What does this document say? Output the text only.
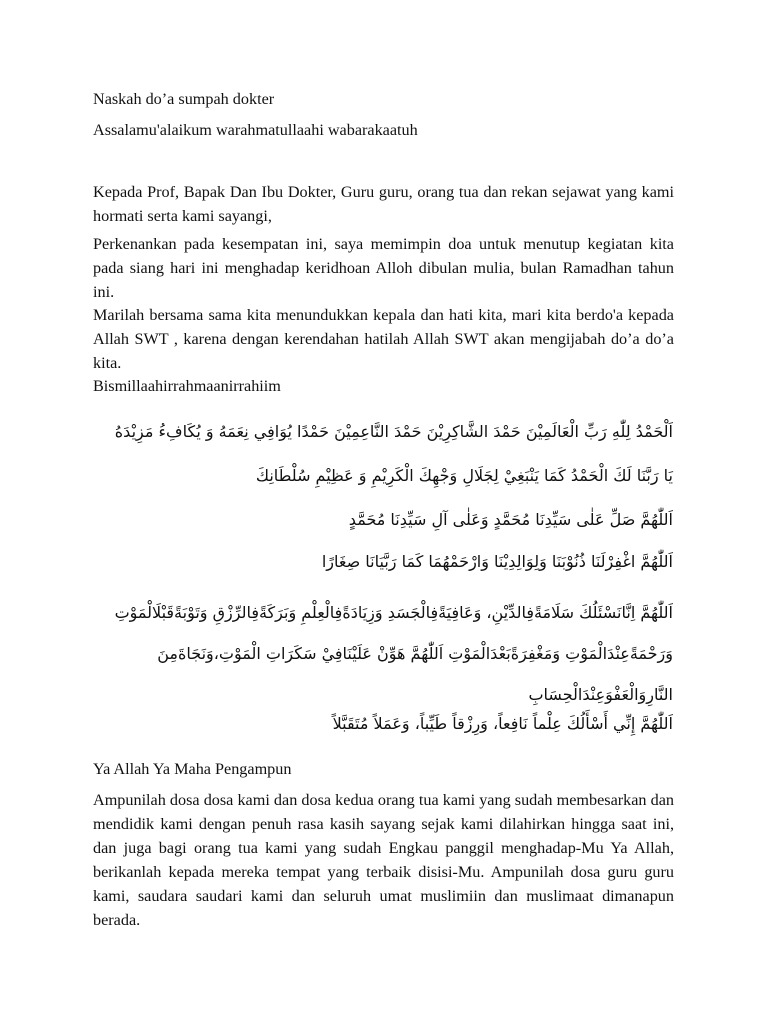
Naskah do’a sumpah dokter

Assalamu'alaikum warahmatullaahi wabarakaatuh

Kepada Prof, Bapak Dan Ibu Dokter, Guru guru, orang tua dan rekan sejawat yang kami hormati serta kami sayangi,

Perkenankan pada kesempatan ini, saya memimpin doa untuk menutup kegiatan kita pada siang hari ini menghadap keridhoan Alloh dibulan mulia, bulan Ramadhan tahun ini.

Marilah bersama sama kita menundukkan kepala dan hati kita, mari kita berdo'a kepada Allah SWT , karena dengan kerendahan hatilah Allah SWT akan mengijabah do’a do’a kita.

Bismillaahirrahmaanirrahiim

اَلْحَمْدُ لِلّٰهِ رَبِّ الْعَالَمِيْنَ حَمْدَ الشَّاكِرِيْنَ حَمْدَ النَّاعِمِيْنَ حَمْدًا يُوَافِي نِعَمَهُ وَ يُكَافِءُ مَزِيْدَهُ

يَا رَبَّنَا لَكَ الْحَمْدُ كَمَا يَنْبَغِيْ لِجَلَالِ وَجْهِكَ الْكَرِيْمِ وَ عَظِيْمِ سُلْطَانِكَ

اَللّٰهُمَّ صَلِّ عَلٰى سَيِّدِنَا مُحَمَّدٍ وَعَلٰى آلِ سَيِّدِنَا مُحَمَّدٍ

اَللّٰهُمَّ اغْفِرْلَنَا ذُنُوْبَنَا وَلِوَالِدِيْنَا وَارْحَمْهُمَا كَمَا رَبَّيَانَا صِغَارًا

اَللّٰهُمَّ اِنَّانَسْئَلُكَ سَلَامَةًفِالدِّيْنِ، وَعَافِيَةًفِالْجَسَدِ وَزِيَادَةًفِالْعِلْمِ وَبَرَكَةًفِالرِّزْقِ وَتَوْبَةًقَبْلَالْمَوْتِ وَرَحْمَةًعِنْدَالْمَوْتِ وَمَغْفِرَةًبَعْدَالْمَوْتِ اَللّٰهُمَّ هَوِّنْ عَلَيْنَافِيْ سَكَرَاتِ الْمَوْتِ،وَنَجَاةَمِنَ النَّارِوَالْعَفْوَعِنْدَالْحِسَابِ

اَللّٰهُمَّ إِنِّي أَسْأَلُكَ عِلْماً نَافِعاً، وَرِزْقاً طَيِّباً، وَعَمَلاً مُتَقَبَّلاً

Ya Allah Ya Maha Pengampun

Ampunilah dosa dosa kami dan dosa kedua orang tua kami yang sudah membesarkan dan mendidik kami dengan penuh rasa kasih sayang sejak kami dilahirkan hingga saat ini, dan juga bagi orang tua kami yang sudah Engkau panggil menghadap-Mu Ya Allah, berikanlah kepada mereka tempat yang terbaik disisi-Mu. Ampunilah dosa guru guru kami, saudara saudari kami dan seluruh umat muslimiin dan muslimaat dimanapun berada.
